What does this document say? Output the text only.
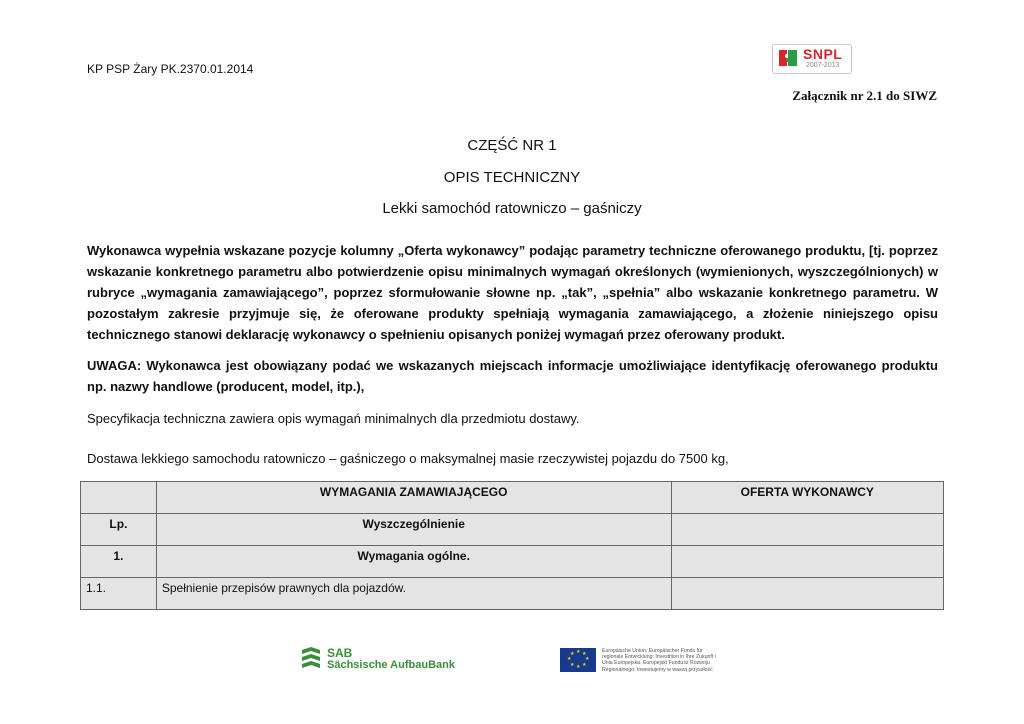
KP PSP Żary PK.2370.01.2014
SNPL
2007-2013
Załącznik nr 2.1 do SIWZ
CZĘŚĆ NR 1
OPIS TECHNICZNY
Lekki samochód ratowniczo – gaśniczy
Wykonawca wypełnia wskazane pozycje kolumny „Oferta wykonawcy” podając parametry techniczne oferowanego produktu, [tj. poprzez wskazanie konkretnego parametru albo potwierdzenie opisu minimalnych wymagań określonych (wymienionych, wyszczególnionych) w rubryce „wymagania zamawiającego”, poprzez sformułowanie słowne np. „tak”, „spełnia” albo wskazanie konkretnego parametru. W pozostałym zakresie przyjmuje się, że oferowane produkty spełniają wymagania zamawiającego, a złożenie niniejszego opisu technicznego stanowi deklarację wykonawcy o spełnieniu opisanych poniżej wymagań przez oferowany produkt.
UWAGA: Wykonawca jest obowiązany podać we wskazanych miejscach informacje umożliwiające identyfikację oferowanego produktu np. nazwy handlowe (producent, model, itp.),
Specyfikacja techniczna zawiera opis wymagań minimalnych dla przedmiotu dostawy.
Dostawa lekkiego samochodu ratowniczo – gaśniczego o maksymalnej masie rzeczywistej pojazdu do 7500 kg,
	WYMAGANIA ZAMAWIAJĄCEGO	OFERTA WYKONAWCY
Lp.	Wyszczególnienie	
1.	Wymagania ogólne.	
1.1.	Spełnienie przepisów prawnych dla pojazdów.	
SAB
Sächsische AufbauBank
★ ★
★
★
★
★
★
★	Europäische Union. Europäischer Fonds für
regionale Entwicklung: Investition in Ihre Zukunft /
Unia Europejska. Europejski Fundusz Rozwoju
Regionalnego: Inwestujemy w waszą przyszłość
